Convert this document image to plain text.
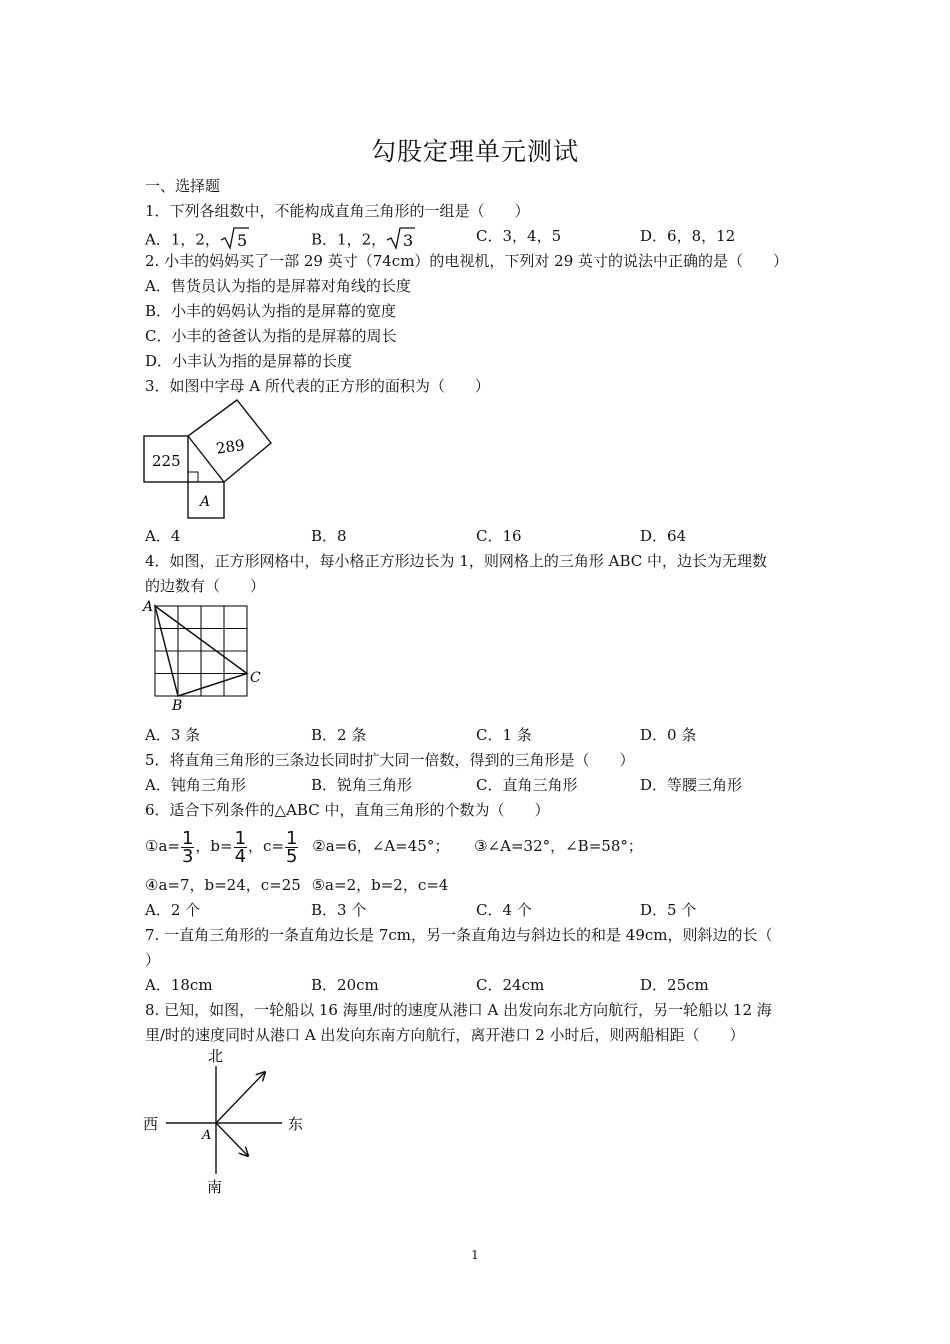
勾股定理单元测试
一、选择题
1．下列各组数中，不能构成直角三角形的一组是（　　）
A．1，2， 5	B．1，2， 3	C．3，4，5	D．6，8，12
2. 小丰的妈妈买了一部 29 英寸（74cm）的电视机，下列对 29 英寸的说法中正确的是（　　）
A．售货员认为指的是屏幕对角线的长度
B．小丰的妈妈认为指的是屏幕的宽度
C．小丰的爸爸认为指的是屏幕的周长
D．小丰认为指的是屏幕的长度
3．如图中字母 A 所代表的正方形的面积为（　　）
225
289
A
A．4	B．8	C．16	D．64
4．如图，正方形网格中，每小格正方形边长为 1，则网格上的三角形 ABC 中，边长为无理数
的边数有（　　）
A
B
C
A．3 条	B．2 条	C．1 条	D．0 条
5．将直角三角形的三条边长同时扩大同一倍数，得到的三角形是（　　）
A．钝角三角形	B．锐角三角形	C．直角三角形	D．等腰三角形
6．适合下列条件的△ABC 中，直角三角形的个数为（　　）
①a= $\frac{1}{3}$ ，$b= \frac{1}{4}$ ，$c= \frac{1}{5}$ ②a=6，∠A=45°； ③∠A=32°，∠B=58°；
④a=7，b=24，c=25 ⑤a=2，b=2，c=4
A．2 个	B．3 个	C．4 个	D．5 个
7. 一直角三角形的一条直角边长是 7cm，另一条直角边与斜边长的和是 49cm，则斜边的长（
）
A．18cm	B．20cm	C．24cm	D．25cm
8. 已知，如图，一轮船以 16 海里/时的速度从港口 A 出发向东北方向航行，另一轮船以 12 海
里/时的速度同时从港口 A 出发向东南方向航行，离开港口 2 小时后，则两船相距（　　）
北
南
东
西
A
1
